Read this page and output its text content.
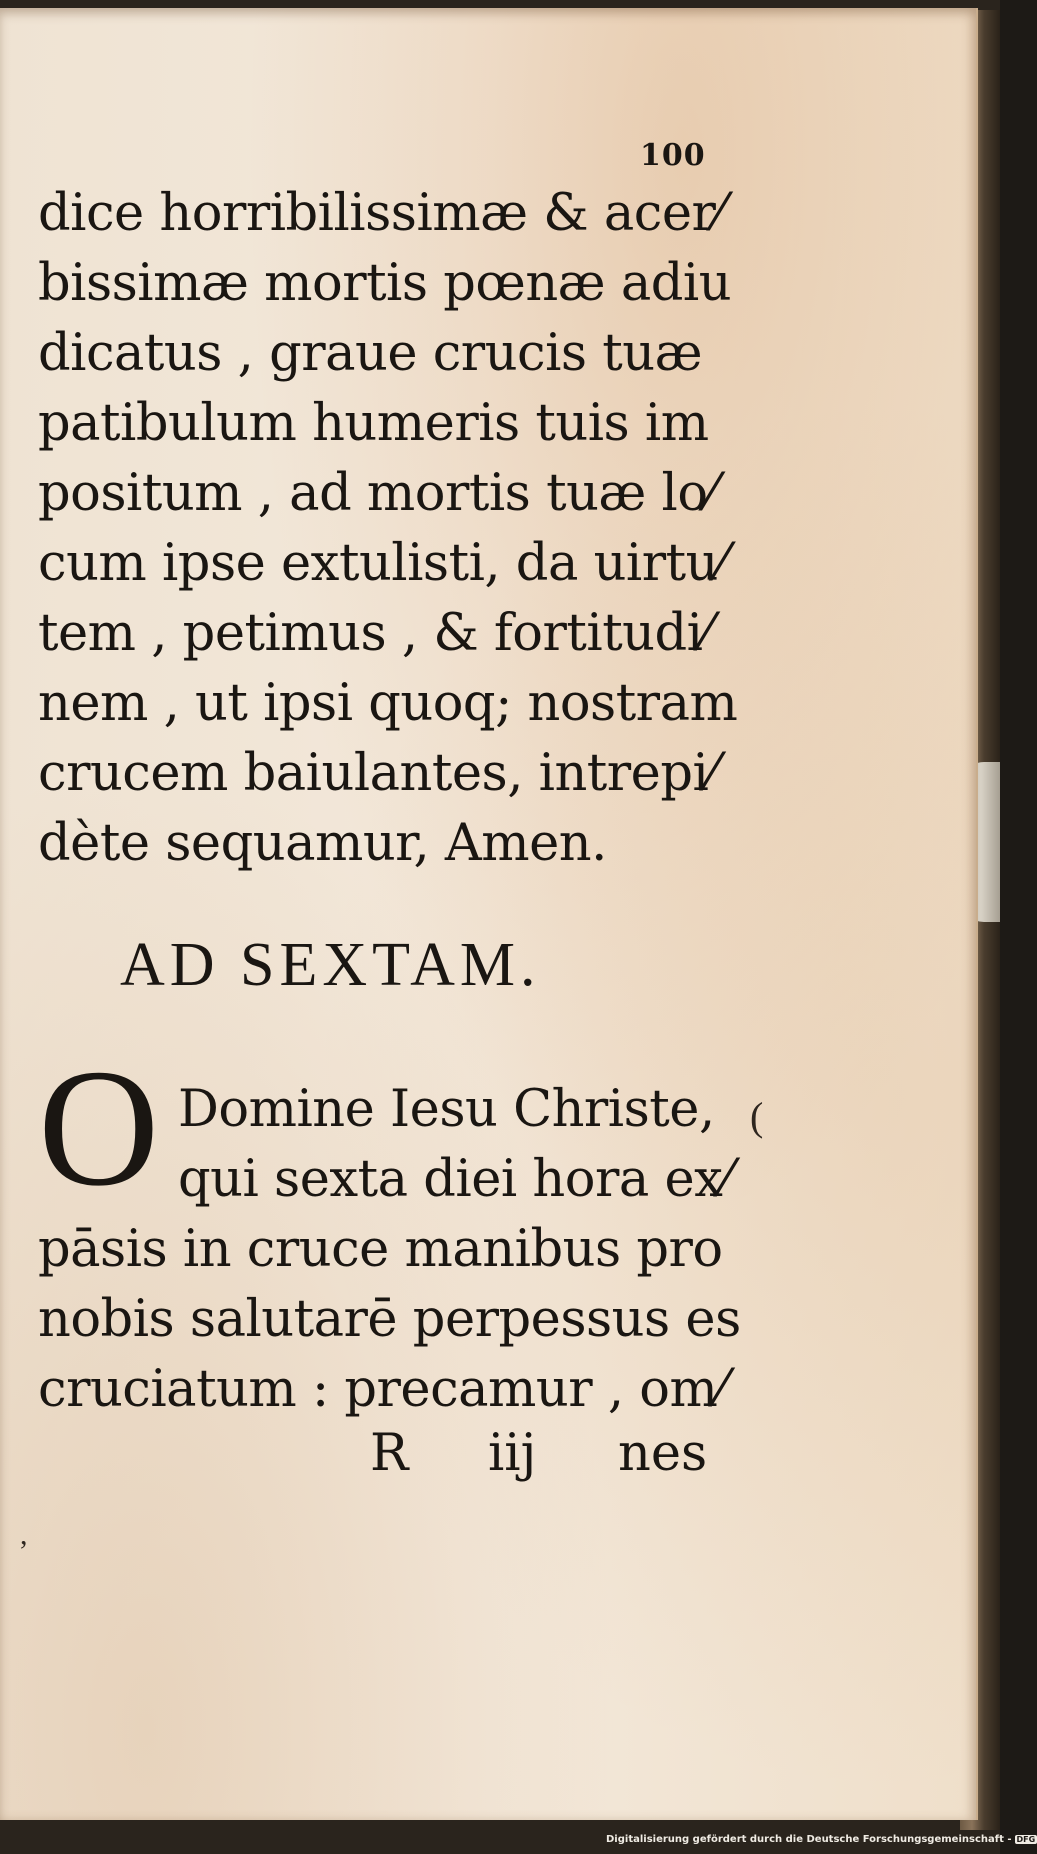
100
dice horribilissimæ & acer⁄
bissimæ mortis pœnæ adiu
dicatus , graue crucis tuæ
patibulum humeris tuis im
positum , ad mortis tuæ lo⁄
cum ipse extulisti, da uirtu⁄
tem , petimus , & fortitudi⁄
nem , ut ipsi quoq; nostram
crucem baiulantes, intrepi⁄
dète sequamur, Amen.
AD SEXTAM.
O Domine Iesu Christe,
qui sexta diei hora ex⁄
pāsis in cruce manibus pro
nobis salutarē perpessus es
cruciatum : precamur , om⁄
R iij nes
(
,
Digitalisierung gefördert durch die Deutsche Forschungsgemeinschaft - DFG
